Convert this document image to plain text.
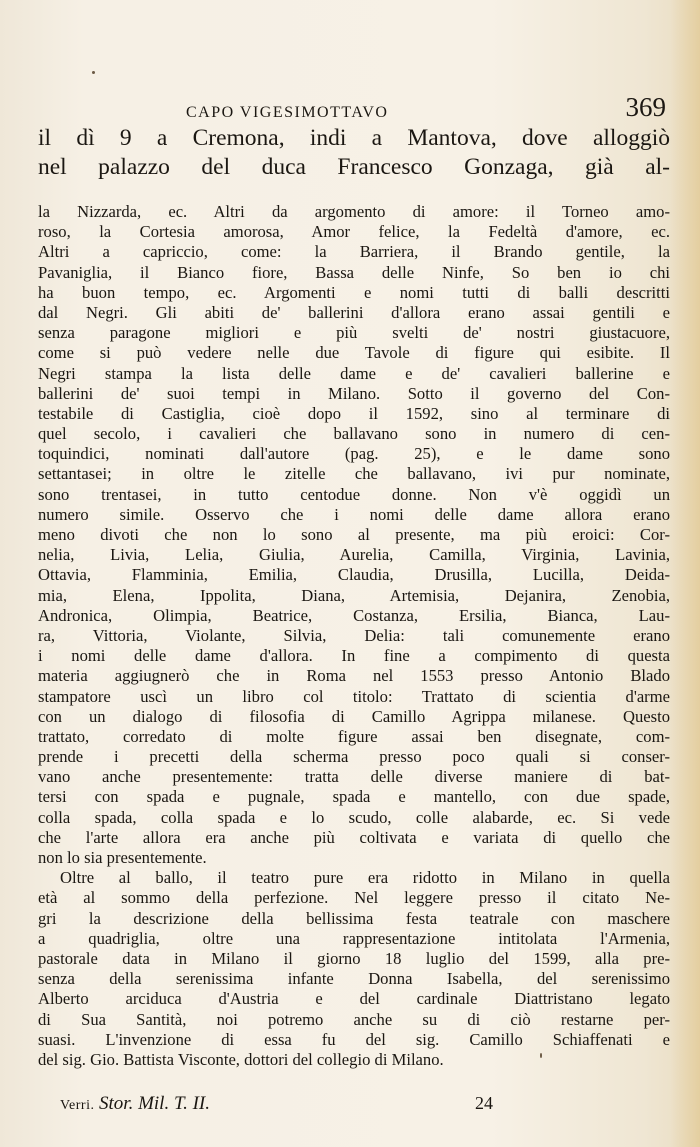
CAPO VIGESIMOTTAVO	369
il dì 9 a Cremona, indi a Mantova, dove alloggiò
nel palazzo del duca Francesco Gonzaga, già al-
la Nizzarda, ec. Altri da argomento di amore: il Torneo amo-
roso, la Cortesia amorosa, Amor felice, la Fedeltà d'amore, ec.
Altri a capriccio, come: la Barriera, il Brando gentile, la
Pavaniglia, il Bianco fiore, Bassa delle Ninfe, So ben io chi
ha buon tempo, ec. Argomenti e nomi tutti di balli descritti
dal Negri. Gli abiti de' ballerini d'allora erano assai gentili e
senza paragone migliori e più svelti de' nostri giustacuore,
come si può vedere nelle due Tavole di figure qui esibite. Il
Negri stampa la lista delle dame e de' cavalieri ballerine e
ballerini de' suoi tempi in Milano. Sotto il governo del Con-
testabile di Castiglia, cioè dopo il 1592, sino al terminare di
quel secolo, i cavalieri che ballavano sono in numero di cen-
toquindici, nominati dall'autore (pag. 25), e le dame sono
settantasei; in oltre le zitelle che ballavano, ivi pur nominate,
sono trentasei, in tutto centodue donne. Non v'è oggidì un
numero simile. Osservo che i nomi delle dame allora erano
meno divoti che non lo sono al presente, ma più eroici: Cor-
nelia, Livia, Lelia, Giulia, Aurelia, Camilla, Virginia, Lavinia,
Ottavia, Flamminia, Emilia, Claudia, Drusilla, Lucilla, Deida-
mia, Elena, Ippolita, Diana, Artemisia, Dejanira, Zenobia,
Andronica, Olimpia, Beatrice, Costanza, Ersilia, Bianca, Lau-
ra, Vittoria, Violante, Silvia, Delia: tali comunemente erano
i nomi delle dame d'allora. In fine a compimento di questa
materia aggiugnerò che in Roma nel 1553 presso Antonio Blado
stampatore uscì un libro col titolo: Trattato di scientia d'arme
con un dialogo di filosofia di Camillo Agrippa milanese. Questo
trattato, corredato di molte figure assai ben disegnate, com-
prende i precetti della scherma presso poco quali si conser-
vano anche presentemente: tratta delle diverse maniere di bat-
tersi con spada e pugnale, spada e mantello, con due spade,
colla spada, colla spada e lo scudo, colle alabarde, ec. Si vede
che l'arte allora era anche più coltivata e variata di quello che
non lo sia presentemente.
Oltre al ballo, il teatro pure era ridotto in Milano in quella
età al sommo della perfezione. Nel leggere presso il citato Ne-
gri la descrizione della bellissima festa teatrale con maschere
a quadriglia, oltre una rappresentazione intitolata l'Armenia,
pastorale data in Milano il giorno 18 luglio del 1599, alla pre-
senza della serenissima infante Donna Isabella, del serenissimo
Alberto arciduca d'Austria e del cardinale Diattristano legato
di Sua Santità, noi potremo anche su di ciò restarne per-
suasi. L'invenzione di essa fu del sig. Camillo Schiaffenati e
del sig. Gio. Battista Visconte, dottori del collegio di Milano.
Verri. Stor. Mil. T. II.	24
